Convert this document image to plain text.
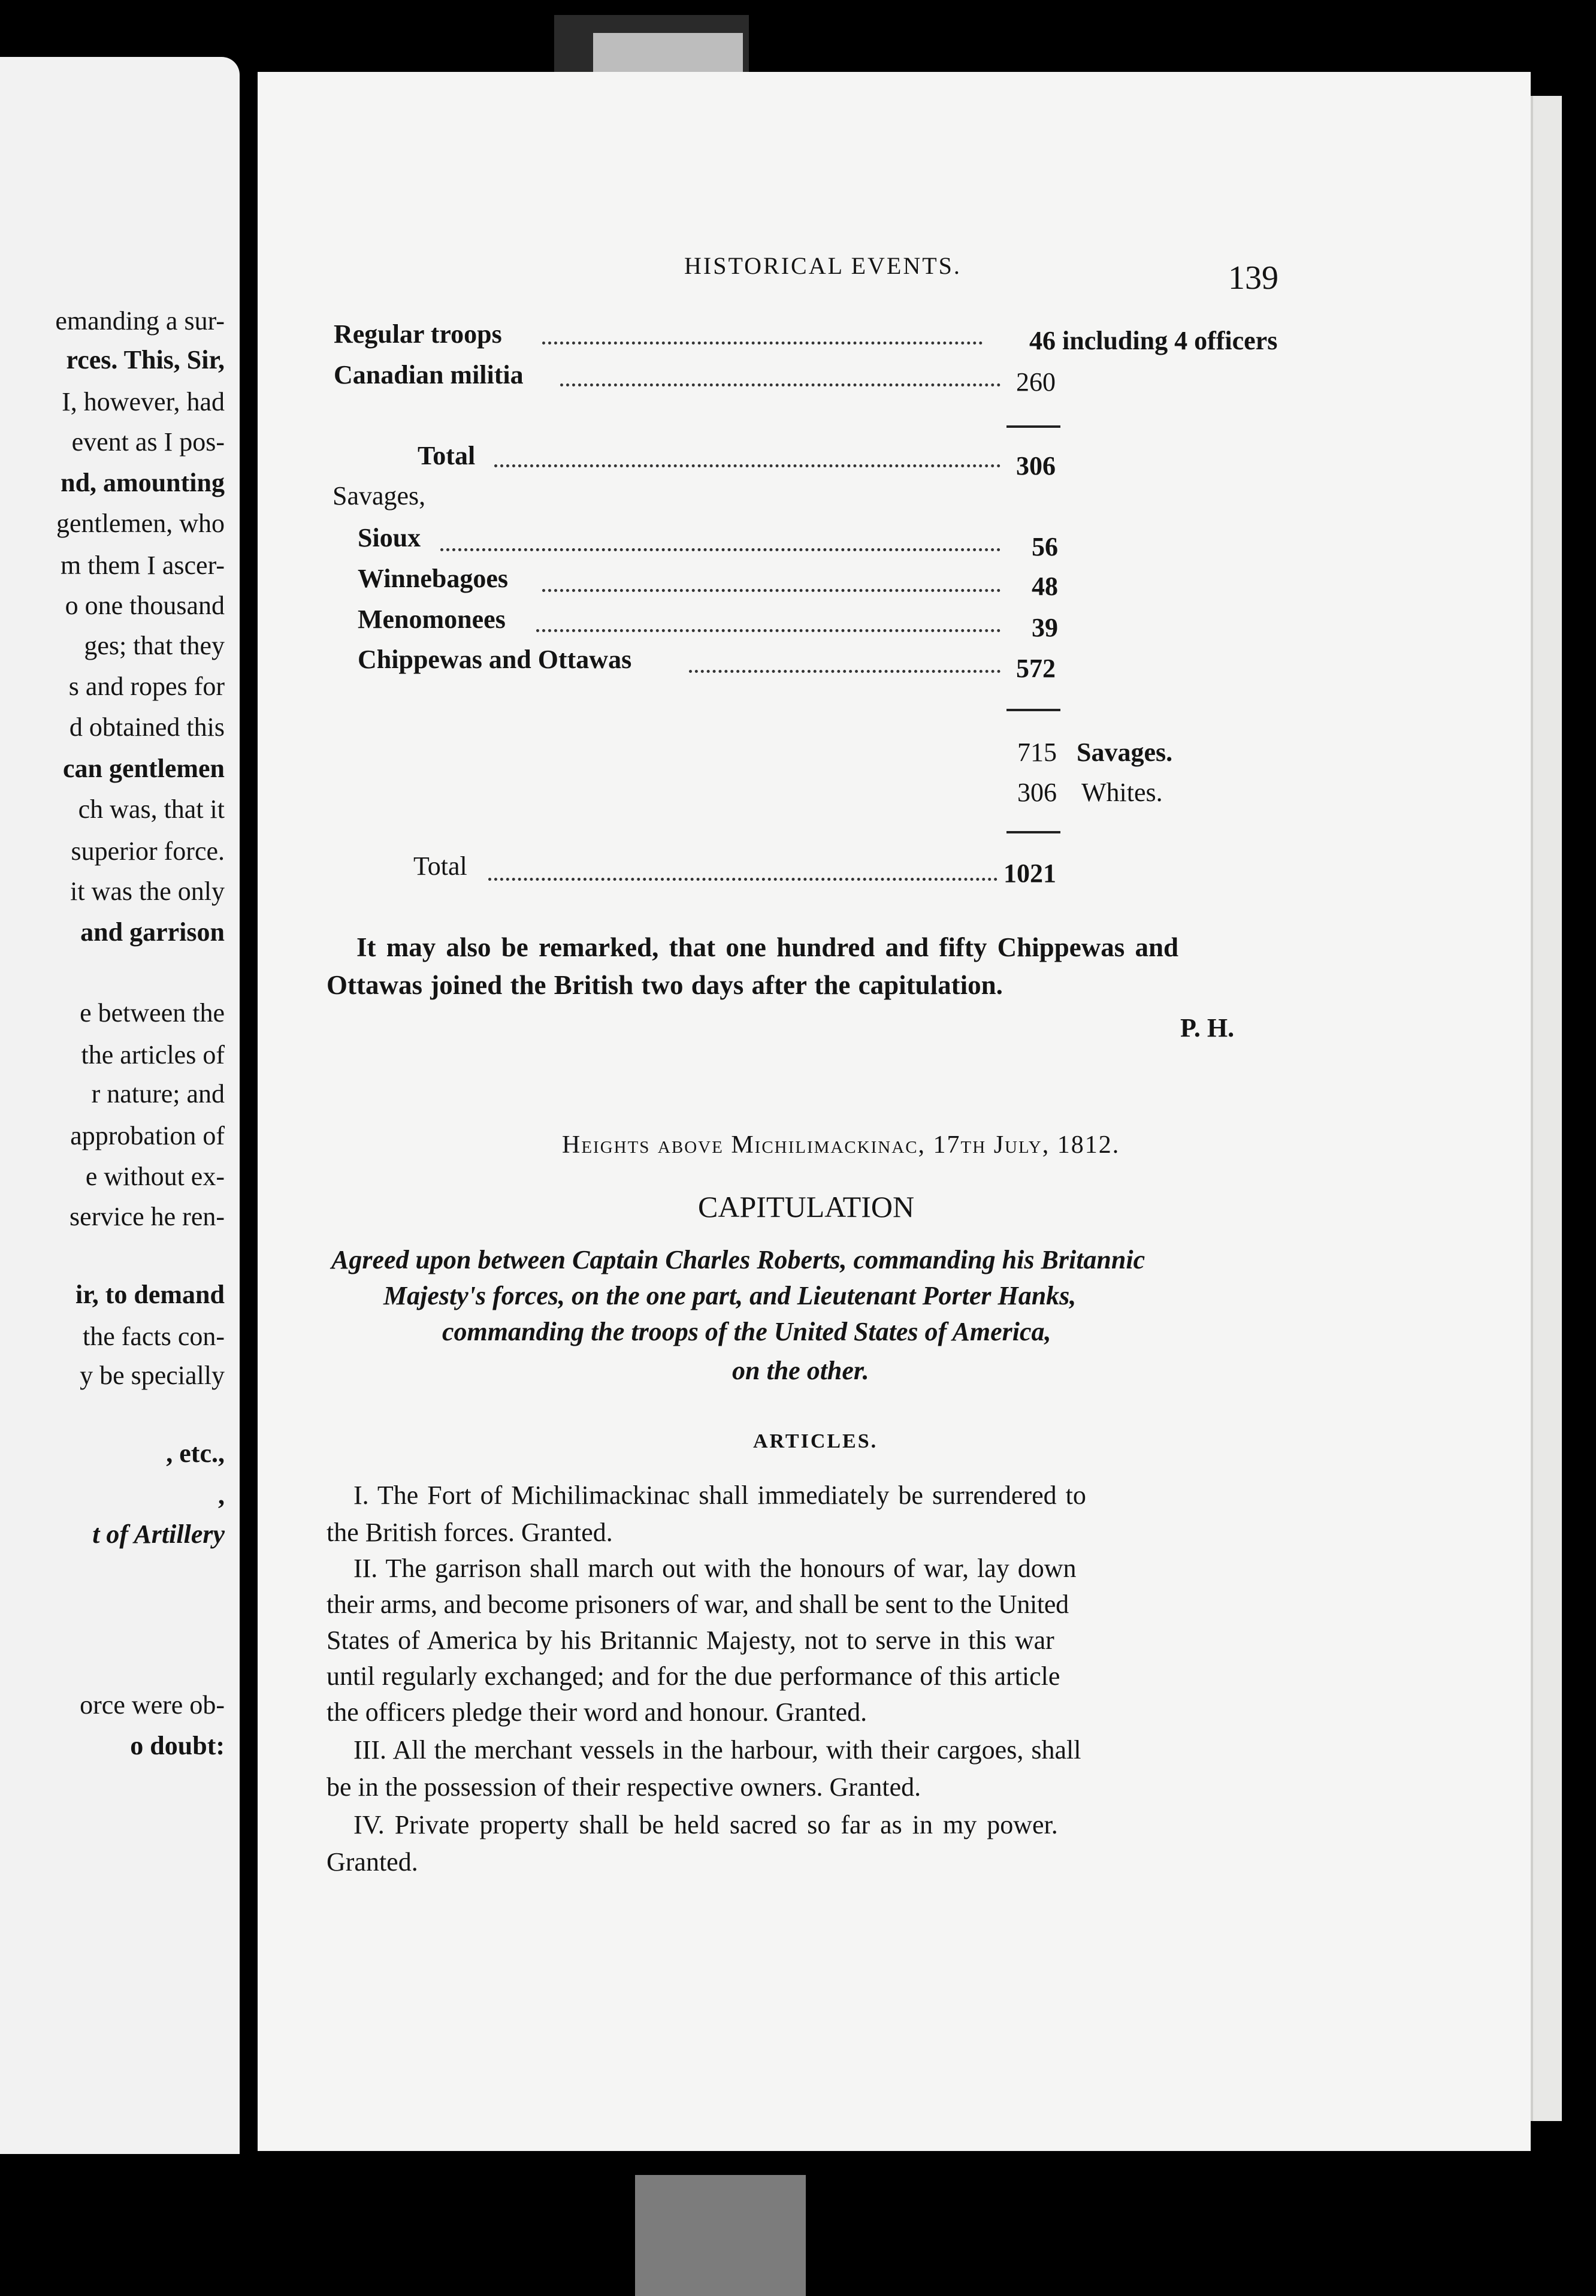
emanding a sur-
rces. This, Sir,
I, however, had
event as I pos-
nd, amounting
gentlemen, who
m them I ascer-
o one thousand
ges; that they
s and ropes for
d obtained this
can gentlemen
ch was, that it
superior force.
it was the only
and garrison
e between the
the articles of
r nature; and
approbation of
e without ex-
service he ren-
ir, to demand
the facts con-
y be specially
, etc.,
,
t of Artillery
orce were ob-
o doubt:
HISTORICAL EVENTS.	139
Regular troops	46 including 4 officers
Canadian militia	260
Total	306
Savages,
Sioux	56
Winnebagoes	48
Menomonees	39
Chippewas and Ottawas	572
715 Savages.
306 Whites.
Total	1021
It may also be remarked, that one hundred and fifty Chippewas and
Ottawas joined the British two days after the capitulation.
P. H.
Heights above Michilimackinac, 17th July, 1812.
CAPITULATION
Agreed upon between Captain Charles Roberts, commanding his Britannic
Majesty's forces, on the one part, and Lieutenant Porter Hanks,
commanding the troops of the United States of America,
on the other.
ARTICLES.
I. The Fort of Michilimackinac shall immediately be surrendered to
the British forces. Granted.
II. The garrison shall march out with the honours of war, lay down
their arms, and become prisoners of war, and shall be sent to the United
States of America by his Britannic Majesty, not to serve in this war
until regularly exchanged; and for the due performance of this article
the officers pledge their word and honour. Granted.
III. All the merchant vessels in the harbour, with their cargoes, shall
be in the possession of their respective owners. Granted.
IV. Private property shall be held sacred so far as in my power.
Granted.
